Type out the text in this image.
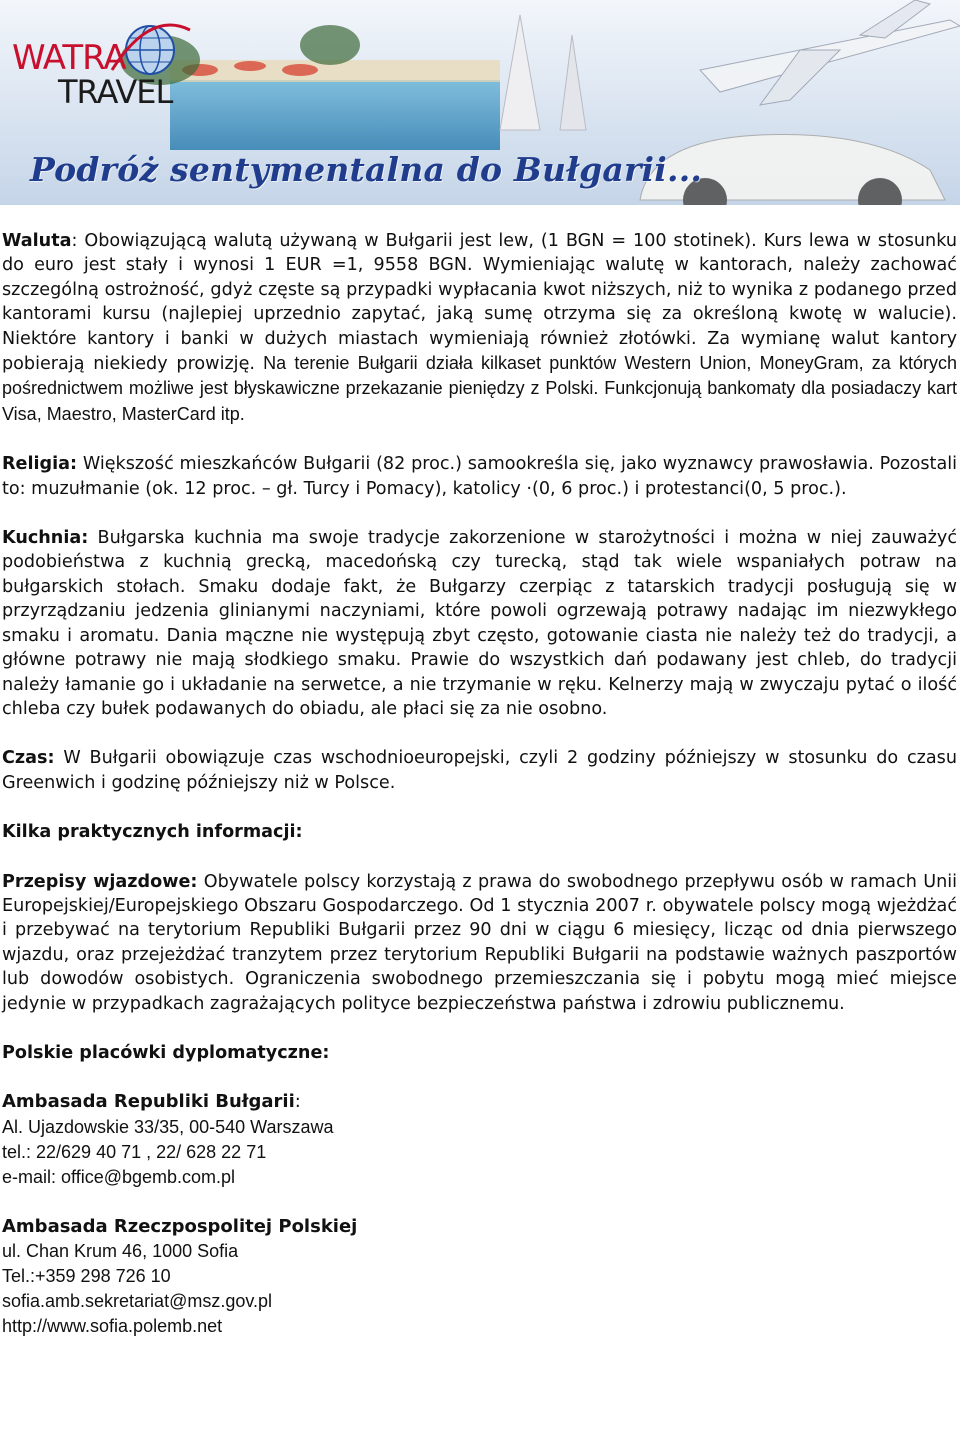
WATRA
TRAVEL
Podróż sentymentalna do Bułgarii...

Waluta: Obowiązującą walutą używaną w Bułgarii jest lew, (1 BGN = 100 stotinek). Kurs lewa w stosunku do euro jest stały i wynosi 1 EUR =1, 9558 BGN. Wymieniając walutę w kantorach, należy zachować szczególną ostrożność, gdyż częste są przypadki wypłacania kwot niższych, niż to wynika z podanego przed kantorami kursu (najlepiej uprzednio zapytać, jaką sumę otrzyma się za określoną kwotę w walucie). Niektóre kantory i banki w dużych miastach wymieniają również złotówki. Za wymianę walut kantory pobierają niekiedy prowizję. Na terenie Bułgarii działa kilkaset punktów Western Union, MoneyGram, za których pośrednictwem możliwe jest błyskawiczne przekazanie pieniędzy z Polski. Funkcjonują bankomaty dla posiadaczy kart Visa, Maestro, MasterCard itp.

Religia: Większość mieszkańców Bułgarii (82 proc.) samookreśla się, jako wyznawcy prawosławia. Pozostali to: muzułmanie (ok. 12 proc. – gł. Turcy i Pomacy), katolicy ·(0, 6 proc.) i protestanci(0, 5 proc.).

Kuchnia: Bułgarska kuchnia ma swoje tradycje zakorzenione w starożytności i można w niej zauważyć podobieństwa z kuchnią grecką, macedońską czy turecką, stąd tak wiele wspaniałych potraw na bułgarskich stołach. Smaku dodaje fakt, że Bułgarzy czerpiąc z tatarskich tradycji posługują się w przyrządzaniu jedzenia glinianymi naczyniami, które powoli ogrzewają potrawy nadając im niezwykłego smaku i aromatu. Dania mączne nie występują zbyt często, gotowanie ciasta nie należy też do tradycji, a główne potrawy nie mają słodkiego smaku. Prawie do wszystkich dań podawany jest chleb, do tradycji należy łamanie go i układanie na serwetce, a nie trzymanie w ręku. Kelnerzy mają w zwyczaju pytać o ilość chleba czy bułek podawanych do obiadu, ale płaci się za nie osobno.

Czas: W Bułgarii obowiązuje czas wschodnioeuropejski, czyli 2 godziny późniejszy w stosunku do czasu Greenwich i godzinę późniejszy niż w Polsce.

Kilka praktycznych informacji:

Przepisy wjazdowe: Obywatele polscy korzystają z prawa do swobodnego przepływu osób w ramach Unii Europejskiej/Europejskiego Obszaru Gospodarczego. Od 1 stycznia 2007 r. obywatele polscy mogą wjeżdżać i przebywać na terytorium Republiki Bułgarii przez 90 dni w ciągu 6 miesięcy, licząc od dnia pierwszego wjazdu, oraz przejeżdżać tranzytem przez terytorium Republiki Bułgarii na podstawie ważnych paszportów lub dowodów osobistych. Ograniczenia swobodnego przemieszczania się i pobytu mogą mieć miejsce jedynie w przypadkach zagrażających polityce bezpieczeństwa państwa i zdrowiu publicznemu.

Polskie placówki dyplomatyczne:

Ambasada Republiki Bułgarii:

Al. Ujazdowskie 33/35, 00-540 Warszawa

tel.: 22/629 40 71 , 22/ 628 22 71

e-mail: office@bgemb.com.pl

Ambasada Rzeczpospolitej Polskiej

ul. Chan Krum 46, 1000 Sofia

Tel.:+359 298 726 10

sofia.amb.sekretariat@msz.gov.pl

http://www.sofia.polemb.net
